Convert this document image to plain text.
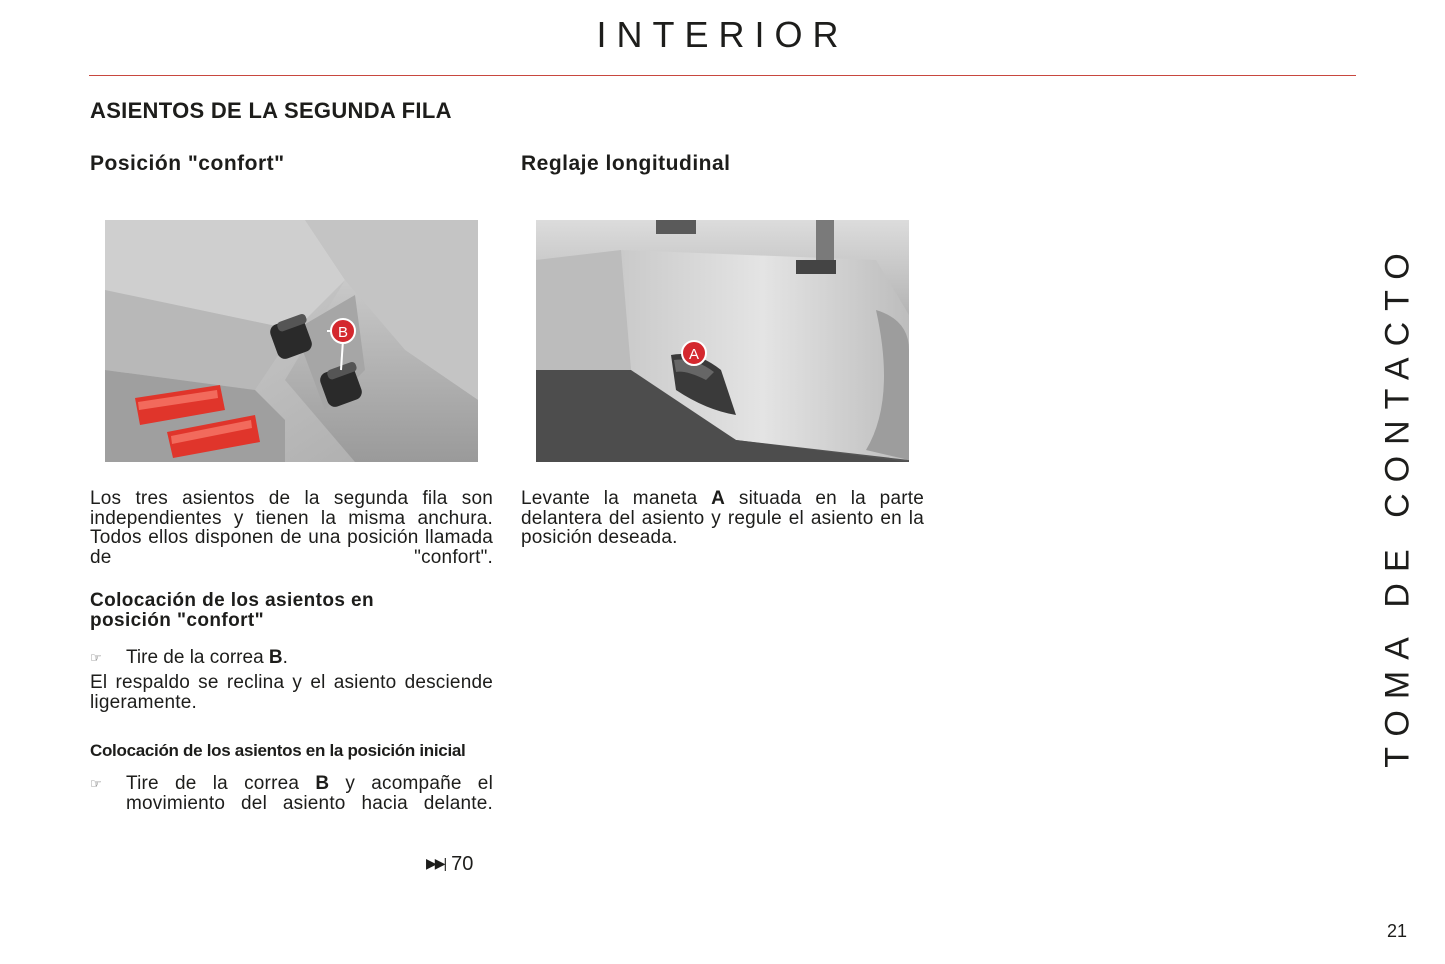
INTERIOR
ASIENTOS DE LA SEGUNDA FILA
Posición "confort"
B
Los tres asientos de la segunda fila son independientes y tienen la misma anchura. Todos ellos disponen de una posición llamada de "confort".
Colocación de los asientos en posición "confort"
☞	Tire de la correa B.
El respaldo se reclina y el asiento desciende ligeramente.
Colocación de los asientos en la posición inicial
☞	Tire de la correa B y acompañe el movimiento del asiento hacia delante.
▶▶| 70
Reglaje longitudinal
A
Levante la maneta A situada en la parte delantera del asiento y regule el asiento en la posición deseada.	TOMA DE CONTACTO
21
